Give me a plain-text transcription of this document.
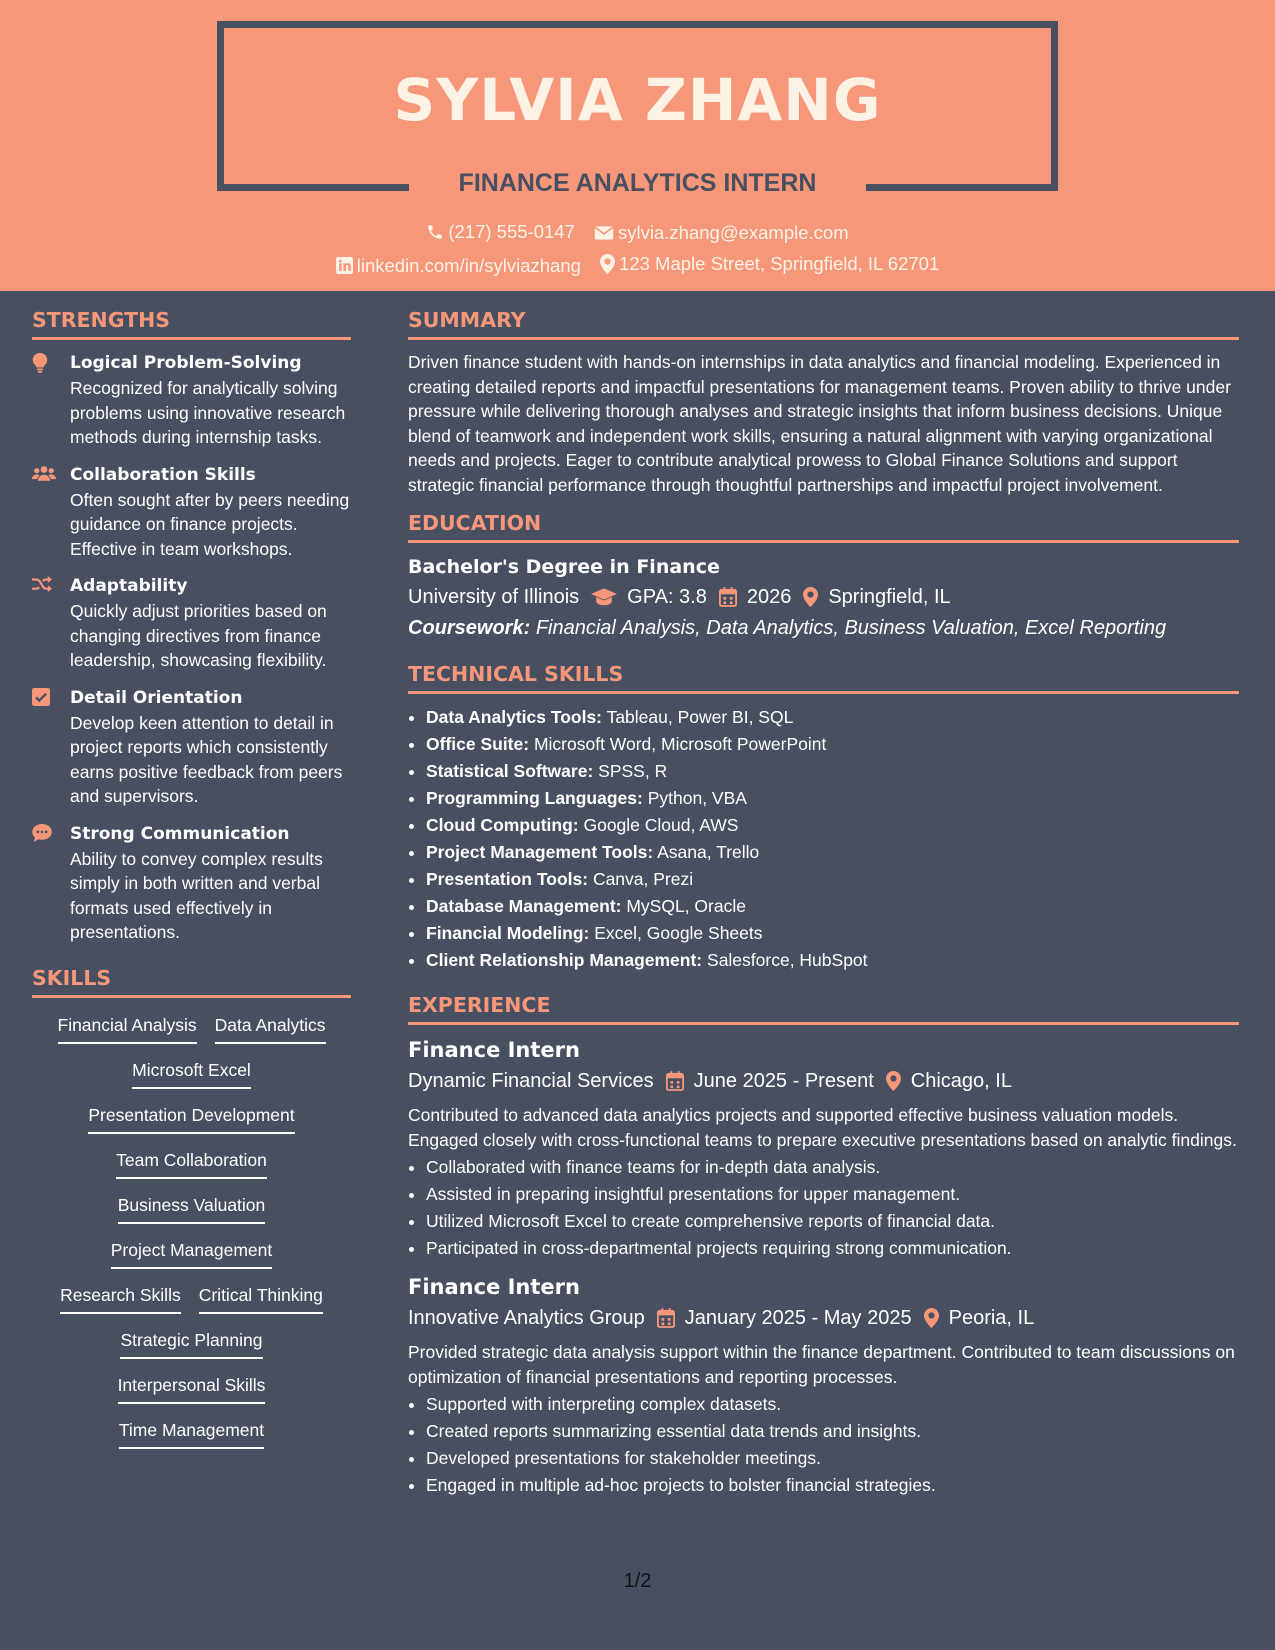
SYLVIA ZHANG
FINANCE ANALYTICS INTERN
(217) 555-0147
sylvia.zhang@example.com
linkedin.com/in/sylviazhang
123 Maple Street, Springfield, IL 62701
STRENGTHS
Logical Problem-Solving
Recognized for analytically solving problems using innovative research methods during internship tasks.
Collaboration Skills
Often sought after by peers needing guidance on finance projects. Effective in team workshops.
Adaptability
Quickly adjust priorities based on changing directives from finance leadership, showcasing flexibility.
Detail Orientation
Develop keen attention to detail in project reports which consistently earns positive feedback from peers and supervisors.
Strong Communication
Ability to convey complex results simply in both written and verbal formats used effectively in presentations.
SKILLS
Financial Analysis Data Analytics
Microsoft Excel
Presentation Development
Team Collaboration
Business Valuation
Project Management
Research Skills Critical Thinking
Strategic Planning
Interpersonal Skills
Time Management
SUMMARY
Driven finance student with hands-on internships in data analytics and financial modeling. Experienced in creating detailed reports and impactful presentations for management teams. Proven ability to thrive under pressure while delivering thorough analyses and strategic insights that inform business decisions. Unique blend of teamwork and independent work skills, ensuring a natural alignment with varying organizational needs and projects. Eager to contribute analytical prowess to Global Finance Solutions and support strategic financial performance through thoughtful partnerships and impactful project involvement.
EDUCATION
Bachelor's Degree in Finance
University of Illinois GPA: 3.8 2026 Springfield, IL
Coursework: Financial Analysis, Data Analytics, Business Valuation, Excel Reporting
TECHNICAL SKILLS
• Data Analytics Tools: Tableau, Power BI, SQL
• Office Suite: Microsoft Word, Microsoft PowerPoint
• Statistical Software: SPSS, R
• Programming Languages: Python, VBA
• Cloud Computing: Google Cloud, AWS
• Project Management Tools: Asana, Trello
• Presentation Tools: Canva, Prezi
• Database Management: MySQL, Oracle
• Financial Modeling: Excel, Google Sheets
• Client Relationship Management: Salesforce, HubSpot
EXPERIENCE
Finance Intern
Dynamic Financial Services June 2025 - Present Chicago, IL
Contributed to advanced data analytics projects and supported effective business valuation models. Engaged closely with cross-functional teams to prepare executive presentations based on analytic findings.
• Collaborated with finance teams for in-depth data analysis.
• Assisted in preparing insightful presentations for upper management.
• Utilized Microsoft Excel to create comprehensive reports of financial data.
• Participated in cross-departmental projects requiring strong communication.
Finance Intern
Innovative Analytics Group January 2025 - May 2025 Peoria, IL
Provided strategic data analysis support within the finance department. Contributed to team discussions on optimization of financial presentations and reporting processes.
• Supported with interpreting complex datasets.
• Created reports summarizing essential data trends and insights.
• Developed presentations for stakeholder meetings.
• Engaged in multiple ad-hoc projects to bolster financial strategies.
1/2
